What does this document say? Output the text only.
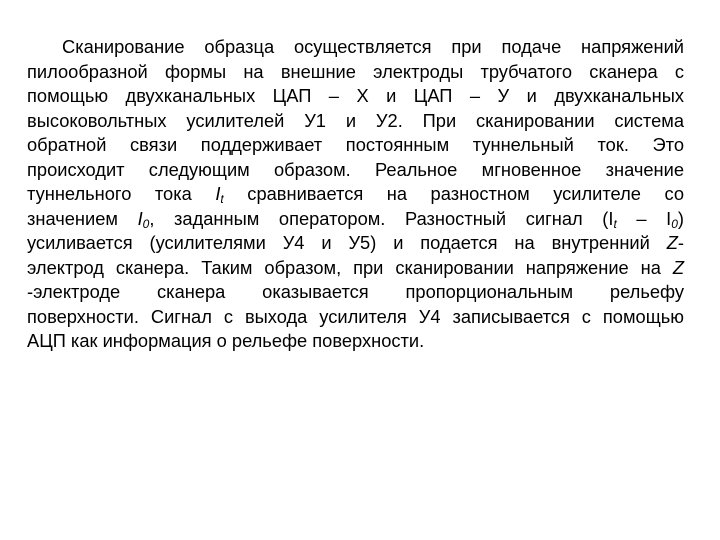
Сканирование образца осуществляется при подаче напряжений
пилообразной формы на внешние электроды трубчатого сканера с
помощью двухканальных ЦАП – Х и ЦАП – У и двухканальных
высоковольтных усилителей У1 и У2. При сканировании система
обратной связи поддерживает постоянным туннельный ток. Это
происходит следующим образом. Реальное мгновенное значение
туннельного тока $I_t$ сравнивается на разностном усилителе со
значением $I_0$, заданным оператором. Разностный сигнал $(I_t - I_0)$
усиливается (усилителями У4 и У5) и подается на внутренний Z-
электрод сканера. Таким образом, при сканировании напряжение на Z
-электроде сканера оказывается пропорциональным рельефу
поверхности. Сигнал с выхода усилителя У4 записывается с помощью
АЦП как информация о рельефе поверхности.
